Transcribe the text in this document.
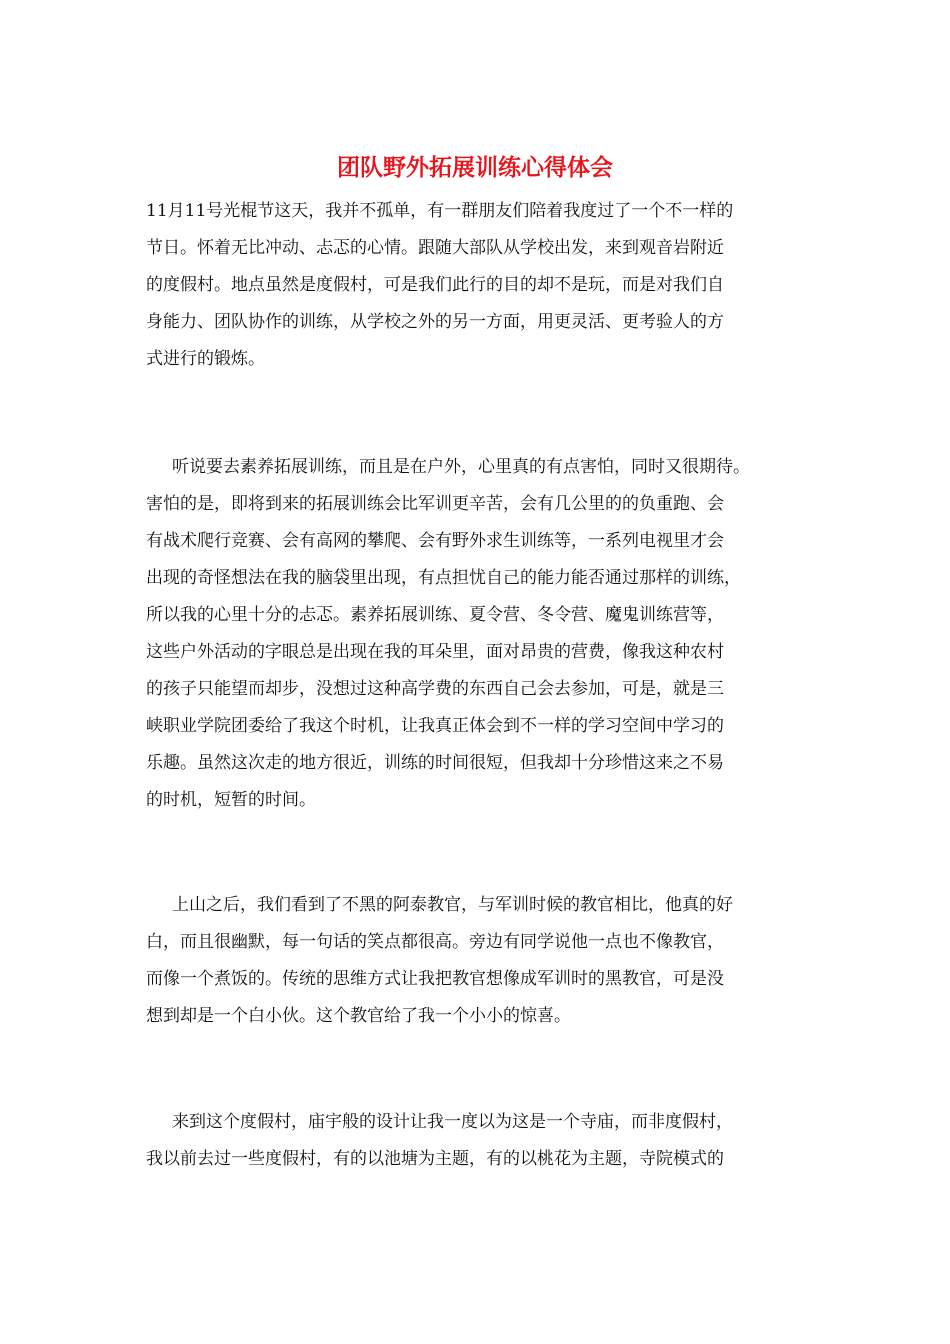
团队野外拓展训练心得体会

11月11号光棍节这天，我并不孤单，有一群朋友们陪着我度过了一个不一样的

节日。怀着无比冲动、忐忑的心情。跟随大部队从学校出发，来到观音岩附近

的度假村。地点虽然是度假村，可是我们此行的目的却不是玩，而是对我们自

身能力、团队协作的训练，从学校之外的另一方面，用更灵活、更考验人的方

式进行的锻炼。

听说要去素养拓展训练，而且是在户外，心里真的有点害怕，同时又很期待。

害怕的是，即将到来的拓展训练会比军训更辛苦，会有几公里的的负重跑、会

有战术爬行竞赛、会有高网的攀爬、会有野外求生训练等，一系列电视里才会

出现的奇怪想法在我的脑袋里出现，有点担忧自己的能力能否通过那样的训练，

所以我的心里十分的忐忑。素养拓展训练、夏令营、冬令营、魔鬼训练营等，

这些户外活动的字眼总是出现在我的耳朵里，面对昂贵的营费，像我这种农村

的孩子只能望而却步，没想过这种高学费的东西自己会去参加，可是，就是三

峡职业学院团委给了我这个时机，让我真正体会到不一样的学习空间中学习的

乐趣。虽然这次走的地方很近，训练的时间很短，但我却十分珍惜这来之不易

的时机，短暂的时间。

上山之后，我们看到了不黑的阿泰教官，与军训时候的教官相比，他真的好

白，而且很幽默，每一句话的笑点都很高。旁边有同学说他一点也不像教官，

而像一个煮饭的。传统的思维方式让我把教官想像成军训时的黑教官，可是没

想到却是一个白小伙。这个教官给了我一个小小的惊喜。

来到这个度假村，庙宇般的设计让我一度以为这是一个寺庙，而非度假村，

我以前去过一些度假村，有的以池塘为主题，有的以桃花为主题，寺院模式的
